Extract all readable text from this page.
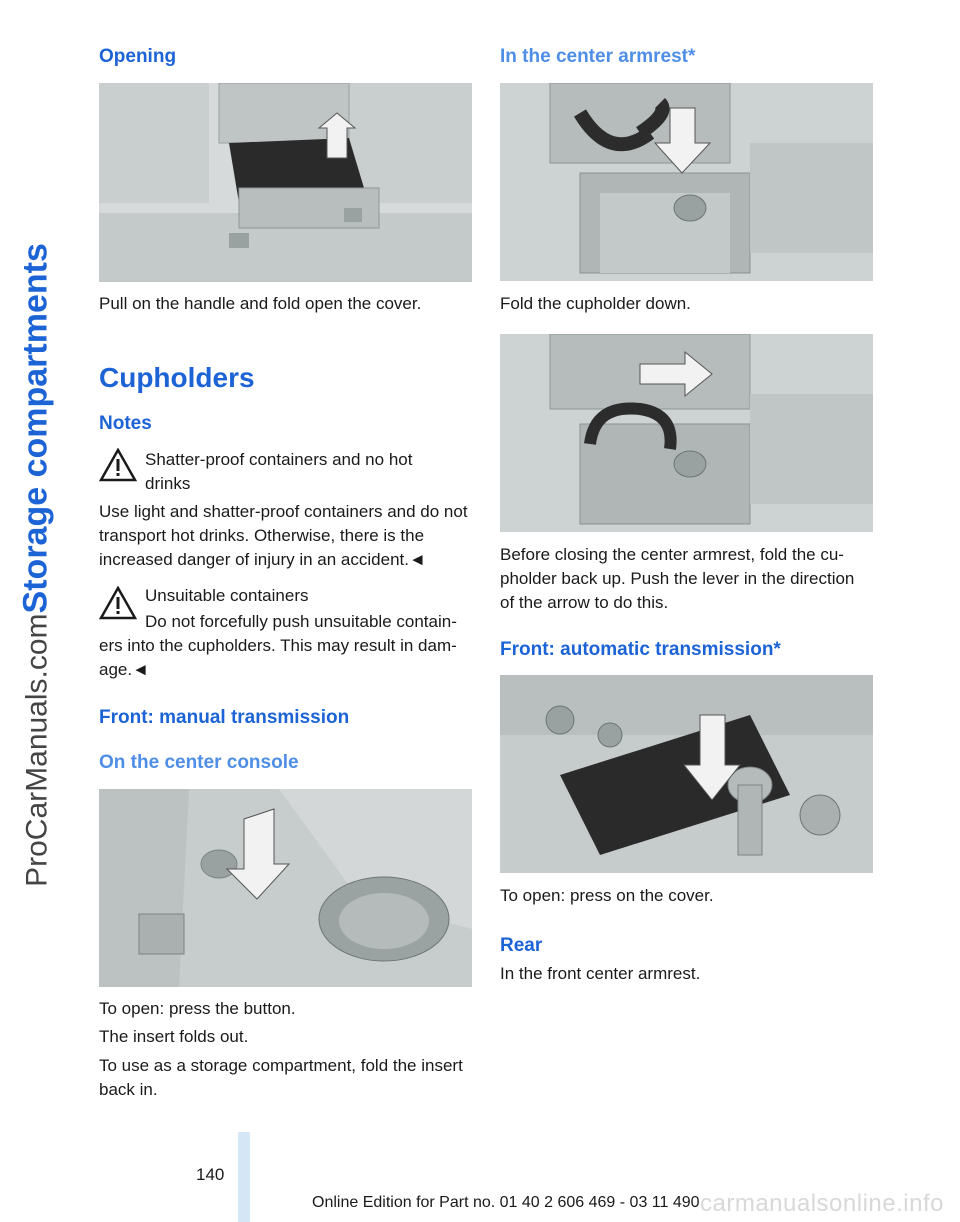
ProCarManuals.comStorage compartments
Opening

Pull on the handle and fold open the cover.

Cupholders
Notes

Shatter-proof containers and no hot drinks

Use light and shatter-proof containers and do not transport hot drinks. Otherwise, there is the increased danger of injury in an accident.◄

Unsuitable containers

Do not forcefully push unsuitable contain-ers into the cupholders. This may result in dam-age.◄

Front: manual transmission
On the center console

To open: press the button.

The insert folds out.

To use as a storage compartment, fold the insert back in.

In the center armrest*

Fold the cupholder down.

Before closing the center armrest, fold the cu-pholder back up. Push the lever in the direction of the arrow to do this.

Front: automatic transmission*

To open: press on the cover.

Rear

In the front center armrest.

140
Online Edition for Part no. 01 40 2 606 469 - 03 11 490 carmanualsonline.info
